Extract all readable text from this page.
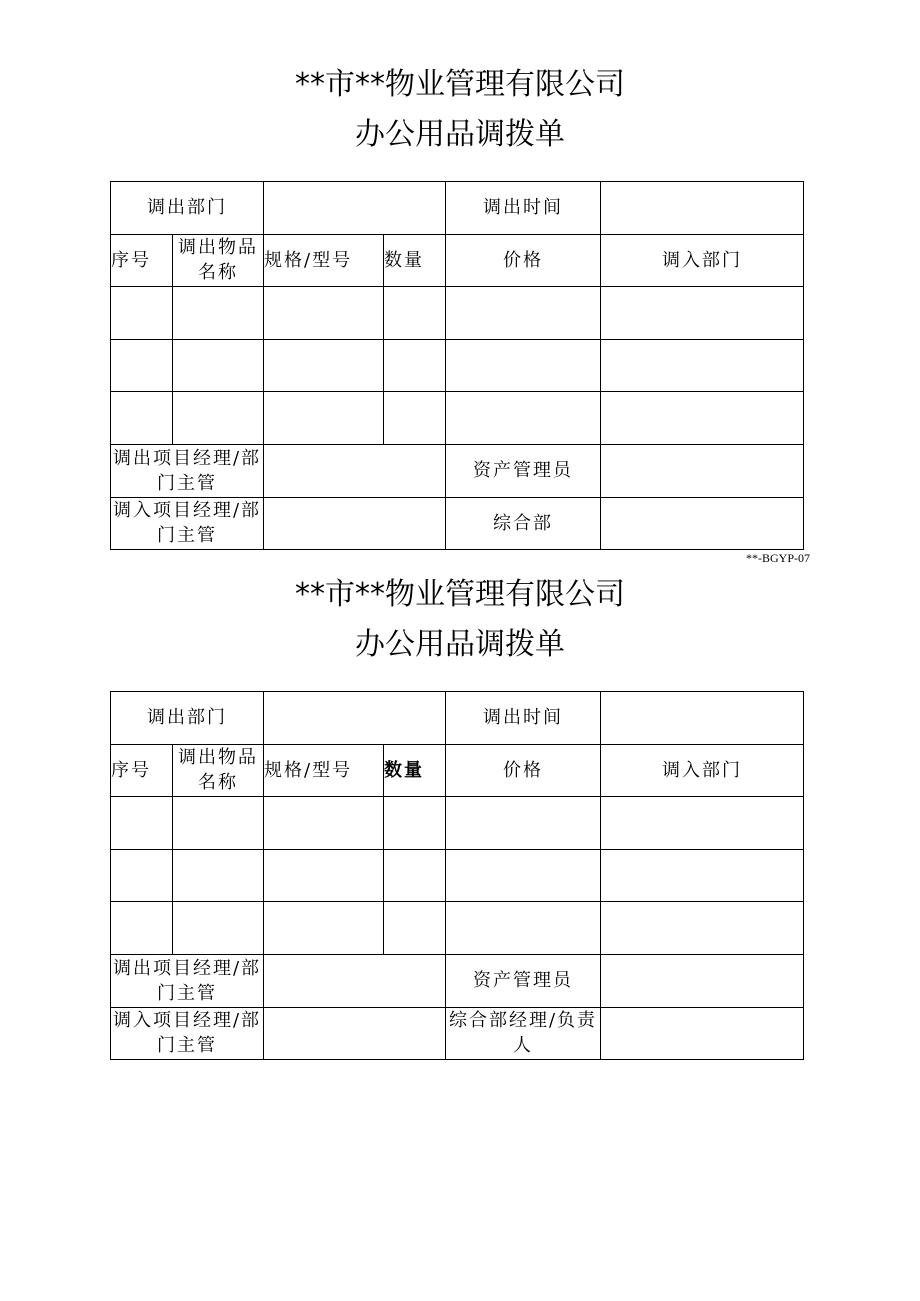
**市**物业管理有限公司
办公用品调拨单
调出部门				调出时间	
序号	调出物品名称	规格/型号	数量	价格	调入部门

调出项目经理/部门主管				资产管理员	
调入项目经理/部门主管				综合部	
**市**物业管理有限公司
办公用品调拨单
调出部门				调出时间	
序号	调出物品名称	规格/型号	数量	价格	调入部门

调出项目经理/部门主管				资产管理员	
调入项目经理/部门主管				综合部经理/负责人	
**-BGYP-07
